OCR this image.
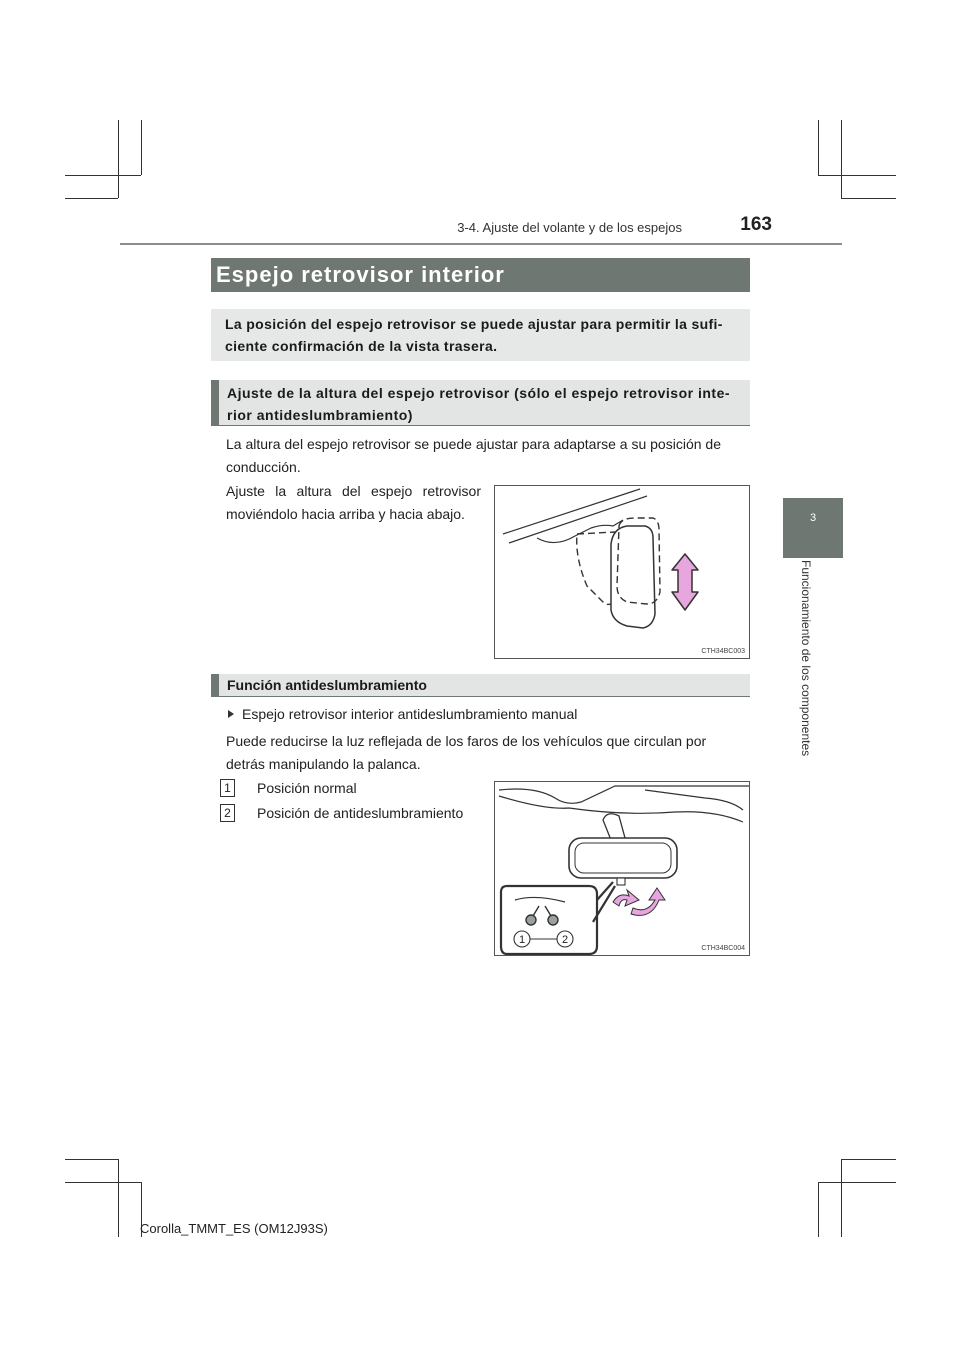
3-4. Ajuste del volante y de los espejos	163
3
Funcionamiento de los componentes
Espejo retrovisor interior
La posición del espejo retrovisor se puede ajustar para permitir la sufi-ciente confirmación de la vista trasera.
Ajuste de la altura del espejo retrovisor (sólo el espejo retrovisor inte-rior antideslumbramiento)
La altura del espejo retrovisor se puede ajustar para adaptarse a su posición de conducción.
Ajuste la altura del espejo retrovisor moviéndolo hacia arriba y hacia abajo.
CTH34BC003
Función antideslumbramiento
Espejo retrovisor interior antideslumbramiento manual
Puede reducirse la luz reflejada de los faros de los vehículos que circulan por detrás manipulando la palanca.
1 Posición normal
2 Posición de antideslumbramiento
1	2
CTH34BC004
Corolla_TMMT_ES (OM12J93S)
